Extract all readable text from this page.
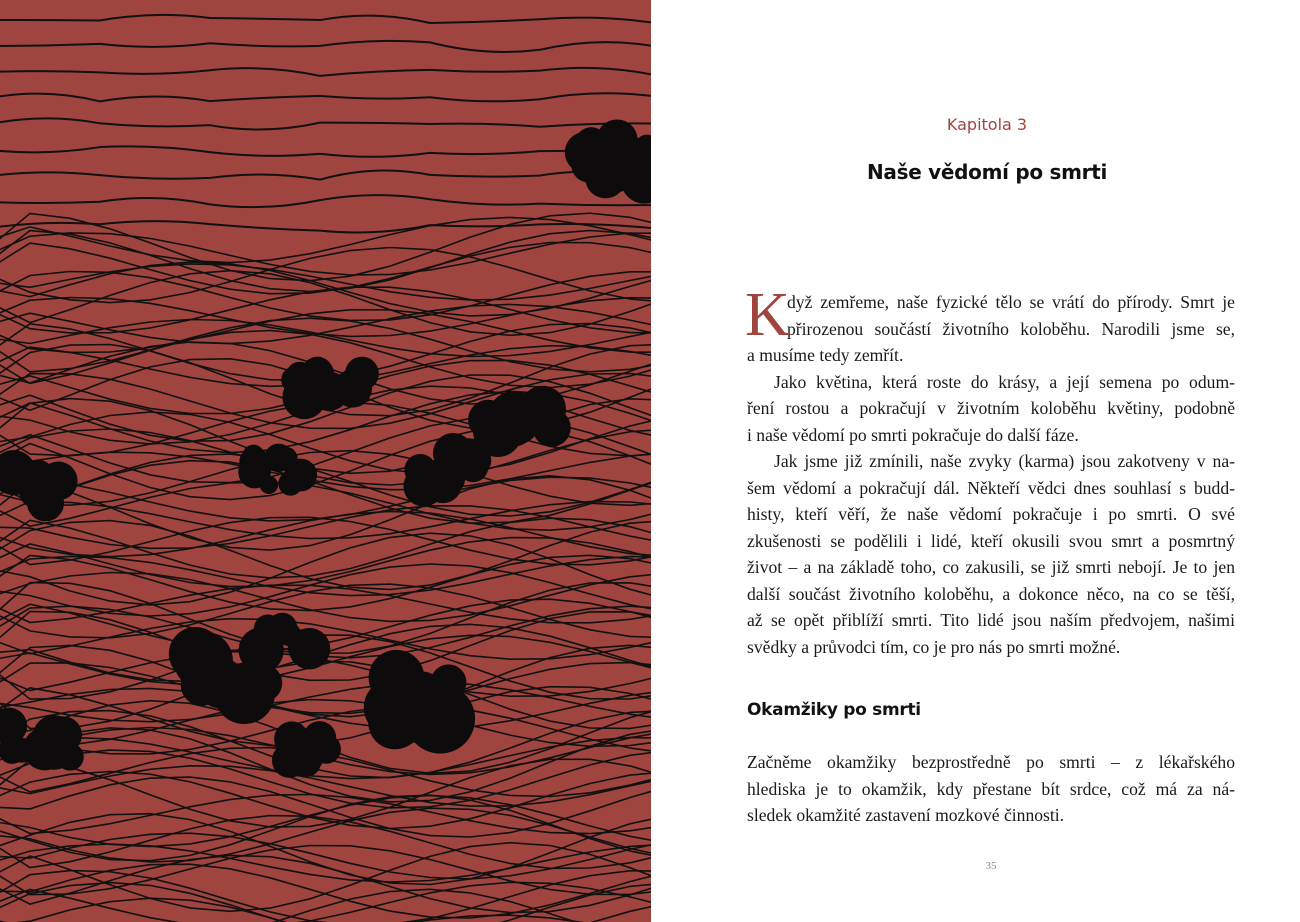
Kapitola 3
Naše vědomí po smrti
K
dyž zemřeme, naše fyzické tělo se vrátí do přírody. Smrt je
přirozenou součástí životního koloběhu. Narodili jsme se,
a musíme tedy zemřít.
Jako květina, která roste do krásy, a její semena po odum-
ření rostou a pokračují v životním koloběhu květiny, podobně
i naše vědomí po smrti pokračuje do další fáze.
Jak jsme již zmínili, naše zvyky (karma) jsou zakotveny v na-
šem vědomí a pokračují dál. Někteří vědci dnes souhlasí s budd-
histy, kteří věří, že naše vědomí pokračuje i po smrti. O své
zkušenosti se podělili i lidé, kteří okusili svou smrt a posmrtný
život – a na základě toho, co zakusili, se již smrti nebojí. Je to jen
další součást životního koloběhu, a dokonce něco, na co se těší,
až se opět přiblíží smrti. Tito lidé jsou naším předvojem, našimi
svědky a průvodci tím, co je pro nás po smrti možné.
Okamžiky po smrti
Začněme okamžiky bezprostředně po smrti – z lékařského
hlediska je to okamžik, kdy přestane bít srdce, což má za ná-
sledek okamžité zastavení mozkové činnosti.
35
